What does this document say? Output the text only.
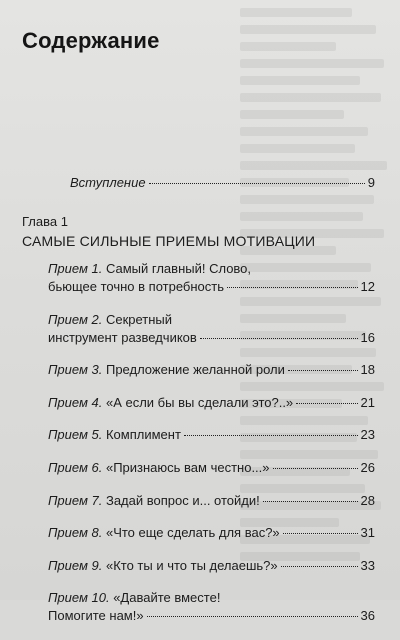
Содержание
Вступление	9
Глава 1
САМЫЕ СИЛЬНЫЕ ПРИЕМЫ МОТИВАЦИИ
Прием 1. Самый главный! Слово,
бьющее точно в потребность	12
Прием 2. Секретный
инструмент разведчиков	16
Прием 3. Предложение желанной роли	18
Прием 4. «А если бы вы сделали это?..»	21
Прием 5. Комплимент	23
Прием 6. «Признаюсь вам честно...»	26
Прием 7. Задай вопрос и... отойди!	28
Прием 8. «Что еще сделать для вас?»	31
Прием 9. «Кто ты и что ты делаешь?»	33
Прием 10. «Давайте вместе!
Помогите нам!»	36
